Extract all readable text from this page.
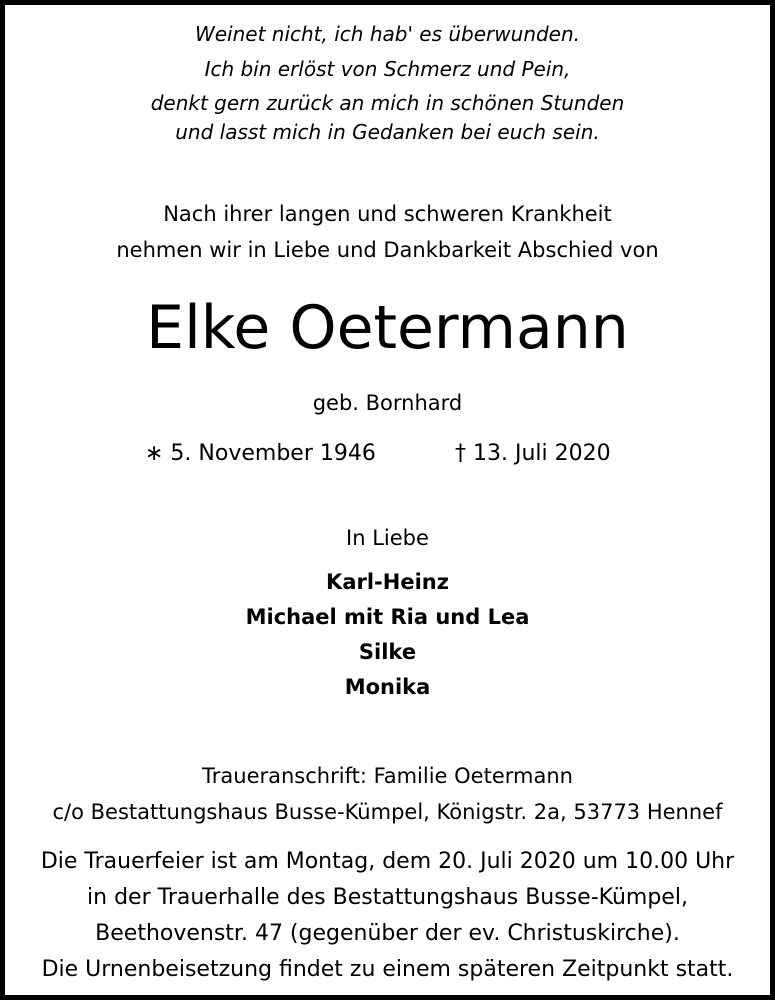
Weinet nicht, ich hab' es überwunden.
Ich bin erlöst von Schmerz und Pein,
denkt gern zurück an mich in schönen Stunden
und lasst mich in Gedanken bei euch sein.
Nach ihrer langen und schweren Krankheit
nehmen wir in Liebe und Dankbarkeit Abschied von
Elke Oetermann
geb. Bornhard
∗ 5. November 1946	† 13. Juli 2020
In Liebe
Karl-Heinz
Michael mit Ria und Lea
Silke
Monika
Traueranschrift: Familie Oetermann
c/o Bestattungshaus Busse-Kümpel, Königstr. 2a, 53773 Hennef
Die Trauerfeier ist am Montag, dem 20. Juli 2020 um 10.00 Uhr
in der Trauerhalle des Bestattungshaus Busse-Kümpel,
Beethovenstr. 47 (gegenüber der ev. Christuskirche).
Die Urnenbeisetzung findet zu einem späteren Zeitpunkt statt.
